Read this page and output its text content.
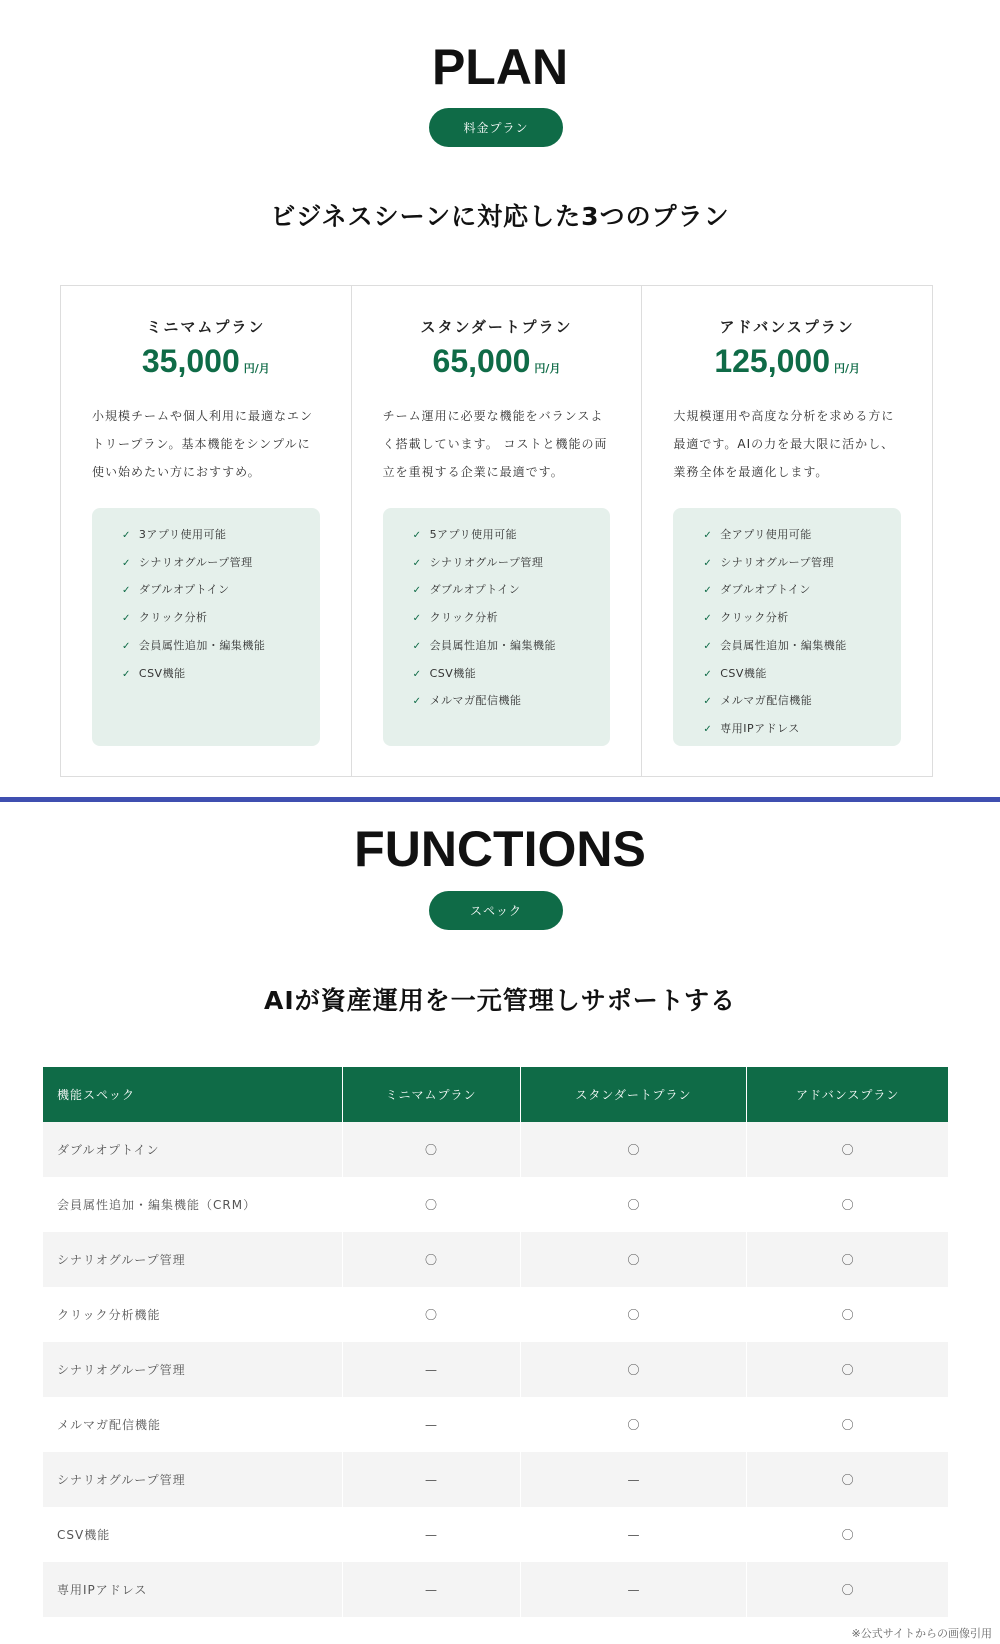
PLAN
料金プラン
ビジネスシーンに対応した3つのプラン
ミニマムプラン
35,000 円/月
小規模チームや個人利用に最適なエントリープラン。基本機能をシンプルに使い始めたい方におすすめ。
✓ 3アプリ使用可能
✓ シナリオグループ管理
✓ ダブルオプトイン
✓ クリック分析
✓ 会員属性追加・編集機能
✓ CSV機能
スタンダートプラン
65,000 円/月
チーム運用に必要な機能をバランスよく搭載しています。 コストと機能の両立を重視する企業に最適です。
✓ 5アプリ使用可能
✓ シナリオグループ管理
✓ ダブルオプトイン
✓ クリック分析
✓ 会員属性追加・編集機能
✓ CSV機能
✓ メルマガ配信機能
アドバンスプラン
125,000 円/月
大規模運用や高度な分析を求める方に最適です。AIの力を最大限に活かし、業務全体を最適化します。
✓ 全アプリ使用可能
✓ シナリオグループ管理
✓ ダブルオプトイン
✓ クリック分析
✓ 会員属性追加・編集機能
✓ CSV機能
✓ メルマガ配信機能
✓ 専用IPアドレス
FUNCTIONS
スペック
AIが資産運用を一元管理しサポートする
機能スペック	ミニマムプラン	スタンダートプラン	アドバンスプラン
ダブルオプトイン	〇	〇	〇
会員属性追加・編集機能（CRM）	〇	〇	〇
シナリオグループ管理	〇	〇	〇
クリック分析機能	〇	〇	〇
シナリオグループ管理	—	〇	〇
メルマガ配信機能	—	〇	〇
シナリオグループ管理	—	—	〇
CSV機能	—	—	〇
専用IPアドレス	—	—	〇
※公式サイトからの画像引用
